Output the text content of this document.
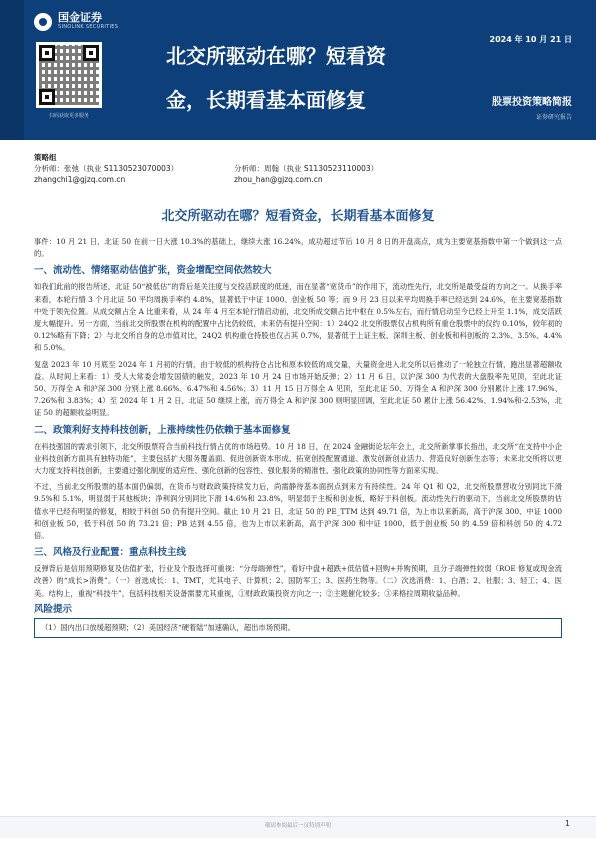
国金证券
SINOLINK SECURITIES
扫码获取更多服务
北交所驱动在哪？短看资
金，长期看基本面修复
2024 年 10 月 21 日
股票投资策略简报
证券研究报告
策略组
分析师：张弛（执业 S1130523070003）	分析师：周翰（执业 S1130523110003）
zhangchi1@gjzq.com.cn	zhou_han@gjzq.com.cn
北交所驱动在哪？短看资金，长期看基本面修复

事件：10 月 21 日，北证 50 在前一日大涨 10.3%的基础上，继续大涨 16.24%，成功超过节后 10 月 8 日的开盘高点，成为主要宽基指数中第一个做到这一点的。

一、流动性、情绪驱动估值扩张，资金增配空间依然较大

如我们此前的报告所述，北证 50“被低估”的背后是关注度与交投活跃度的低迷，而在显著“宽货币”的作用下，流动性先行，北交所是最受益的方向之一。从换手率来看，本轮行情 3 个月北证 50 平均周换手率约 4.8%，显著低于中证 1000、创业板 50 等；而 9 月 23 日以来平均周换手率已经达到 24.6%，在主要宽基指数中处于领先位置。从成交额占全 A 比重来看，从 24 年 4 月至本轮行情启动前，北交所成交额占比中枢在 0.5%左右，而行情启动至今已经上升至 1.1%，成交活跃度大幅提升。另一方面，当前北交所股票在机构的配置中占比仍较低，未来仍有提升空间：1）24Q2 北交所股票仅占机构所有重仓股票中的仅约 0.10%，较年初的 0.12%略有下降；2）与北交所自身的总市值对比，24Q2 机构重仓持股也仅占其 0.7%，显著低于上证主板、深圳主板、创业板和科创板的 2.3%、3.5%、4.4%和 5.0%。

复盘 2023 年 10 月底至 2024 年 1 月初的行情，由于较低的机构持仓占比和原本较低的成交量，大量资金进入北交所以后推动了一轮独立行情，跑出显著超额收益。从时间上来看：1）受人大常委会增发国债的触发，2023 年 10 月 24 日市场开始反弹；2）11 月 6 日，以沪深 300 为代表的大盘股率先见顶，至此北证 50、万得全 A 和沪深 300 分别上涨 8.66%、6.47%和 4.56%；3）11 月 15 日万得全 A 见顶，至此北证 50、万得全 A 和沪深 300 分别累计上涨 17.96%、7.26%和 3.83%；4）至 2024 年 1 月 2 日，北证 50 继续上涨，而万得全 A 和沪深 300 则明显回调，至此北证 50 累计上涨 56.42%、1.94%和-2.53%，北证 50 的超额收益明显。

二、政策利好支持科技创新，上涨持续性仍依赖于基本面修复

在科技强国的需求引领下，北交所股票符合当前科技行情占优的市场趋势。10 月 18 日，在 2024 金融街论坛年会上，北交所新掌事长指出，北交所“在支持中小企业科技创新方面具有独特功能”，主要包括扩大服务覆盖面、促进创新资本形成、拓宽创投配置通道、激发创新创业活力、营造良好创新生态等；未来北交所将以更大力度支持科技创新，主要通过强化制度的适应性、强化创新的包容性、强化服务的精准性、强化政策的协同性等方面来实现。

不过，当前北交所股票的基本面仍偏弱，在货币与财政政策持续发力后，尚需静待基本面拐点到来方有持续性。24 年 Q1 和 Q2，北交所股票营收分别同比下滑 9.5%和 5.1%，明显弱于其他板块；净利润分别同比下滑 14.6%和 23.8%，明显弱于主板和创业板，略好于科创板。流动性先行的驱动下，当前北交所股票的估值水平已经有明显的修复，相较于科创 50 仍有提升空间。截止 10 月 21 日，北证 50 的 PE_TTM 达到 49.71 倍，为上市以来新高，高于沪深 300、中证 1000 和创业板 50，低于科创 50 的 73.21 倍；PB 达到 4.55 倍，也为上市以来新高，高于沪深 300 和中证 1000，低于创业板 50 的 4.59 倍和科创 50 的 4.72 倍。

三、风格及行业配置：重点科技主线

反弹背后是信用预期修复及估值扩张，行业及个股选择可重视：“分母端弹性”，看好中盘+超跌+低估值+回购+并购预期，且分子端弹性较弱（ROE 修复或现金流改善）的“成长>消费”。（一）首选成长：1、TMT，尤其电子、计算机；2、国防军工；3、医药生物等。（二）次选消费：1、白酒；2、社服；3、轻工；4、医美。结构上，重视“科技牛”，包括科技相关设备需要尤其重视，①财政政策投资方向之一；②主题催化较多；③来格拉周期收益品种。

风险提示
（1）国内出口放缓超预期；（2）美国经济“硬着陆”加速确认，超出市场预期。
敬请参阅最后一页特别声明	1
